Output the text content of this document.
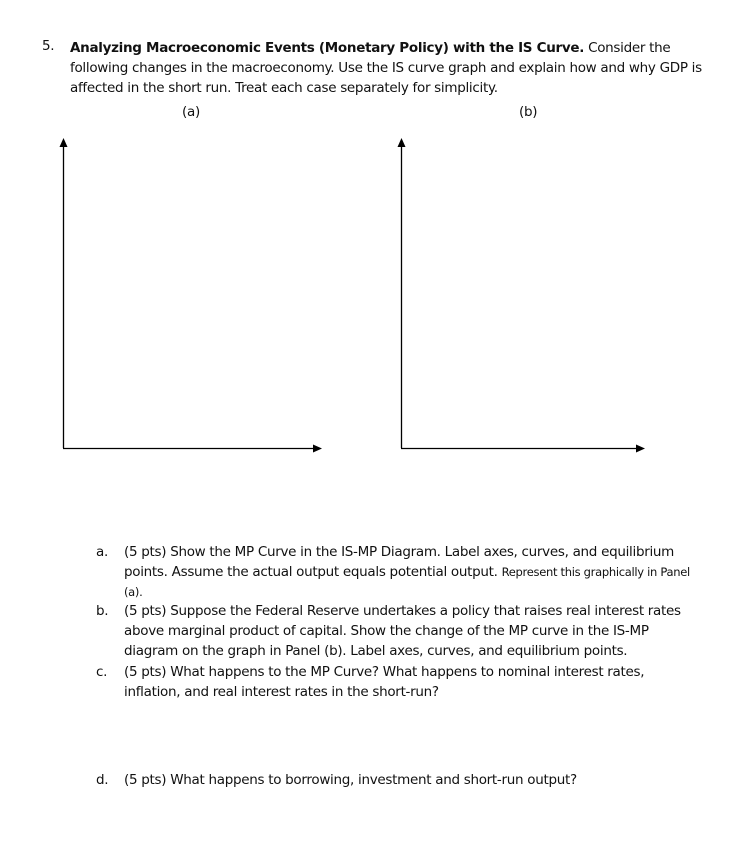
5. Analyzing Macroeconomic Events (Monetary Policy) with the IS Curve. Consider the following changes in the macroeconomy. Use the IS curve graph and explain how and why GDP is affected in the short run. Treat each case separately for simplicity.
(a)	(b)
a. (5 pts) Show the MP Curve in the IS-MP Diagram. Label axes, curves, and equilibrium points. Assume the actual output equals potential output. Represent this graphically in Panel (a).
b. (5 pts) Suppose the Federal Reserve undertakes a policy that raises real interest rates above marginal product of capital. Show the change of the MP curve in the IS-MP diagram on the graph in Panel (b). Label axes, curves, and equilibrium points.
c. (5 pts) What happens to the MP Curve? What happens to nominal interest rates, inflation, and real interest rates in the short-run?
d. (5 pts) What happens to borrowing, investment and short-run output?
